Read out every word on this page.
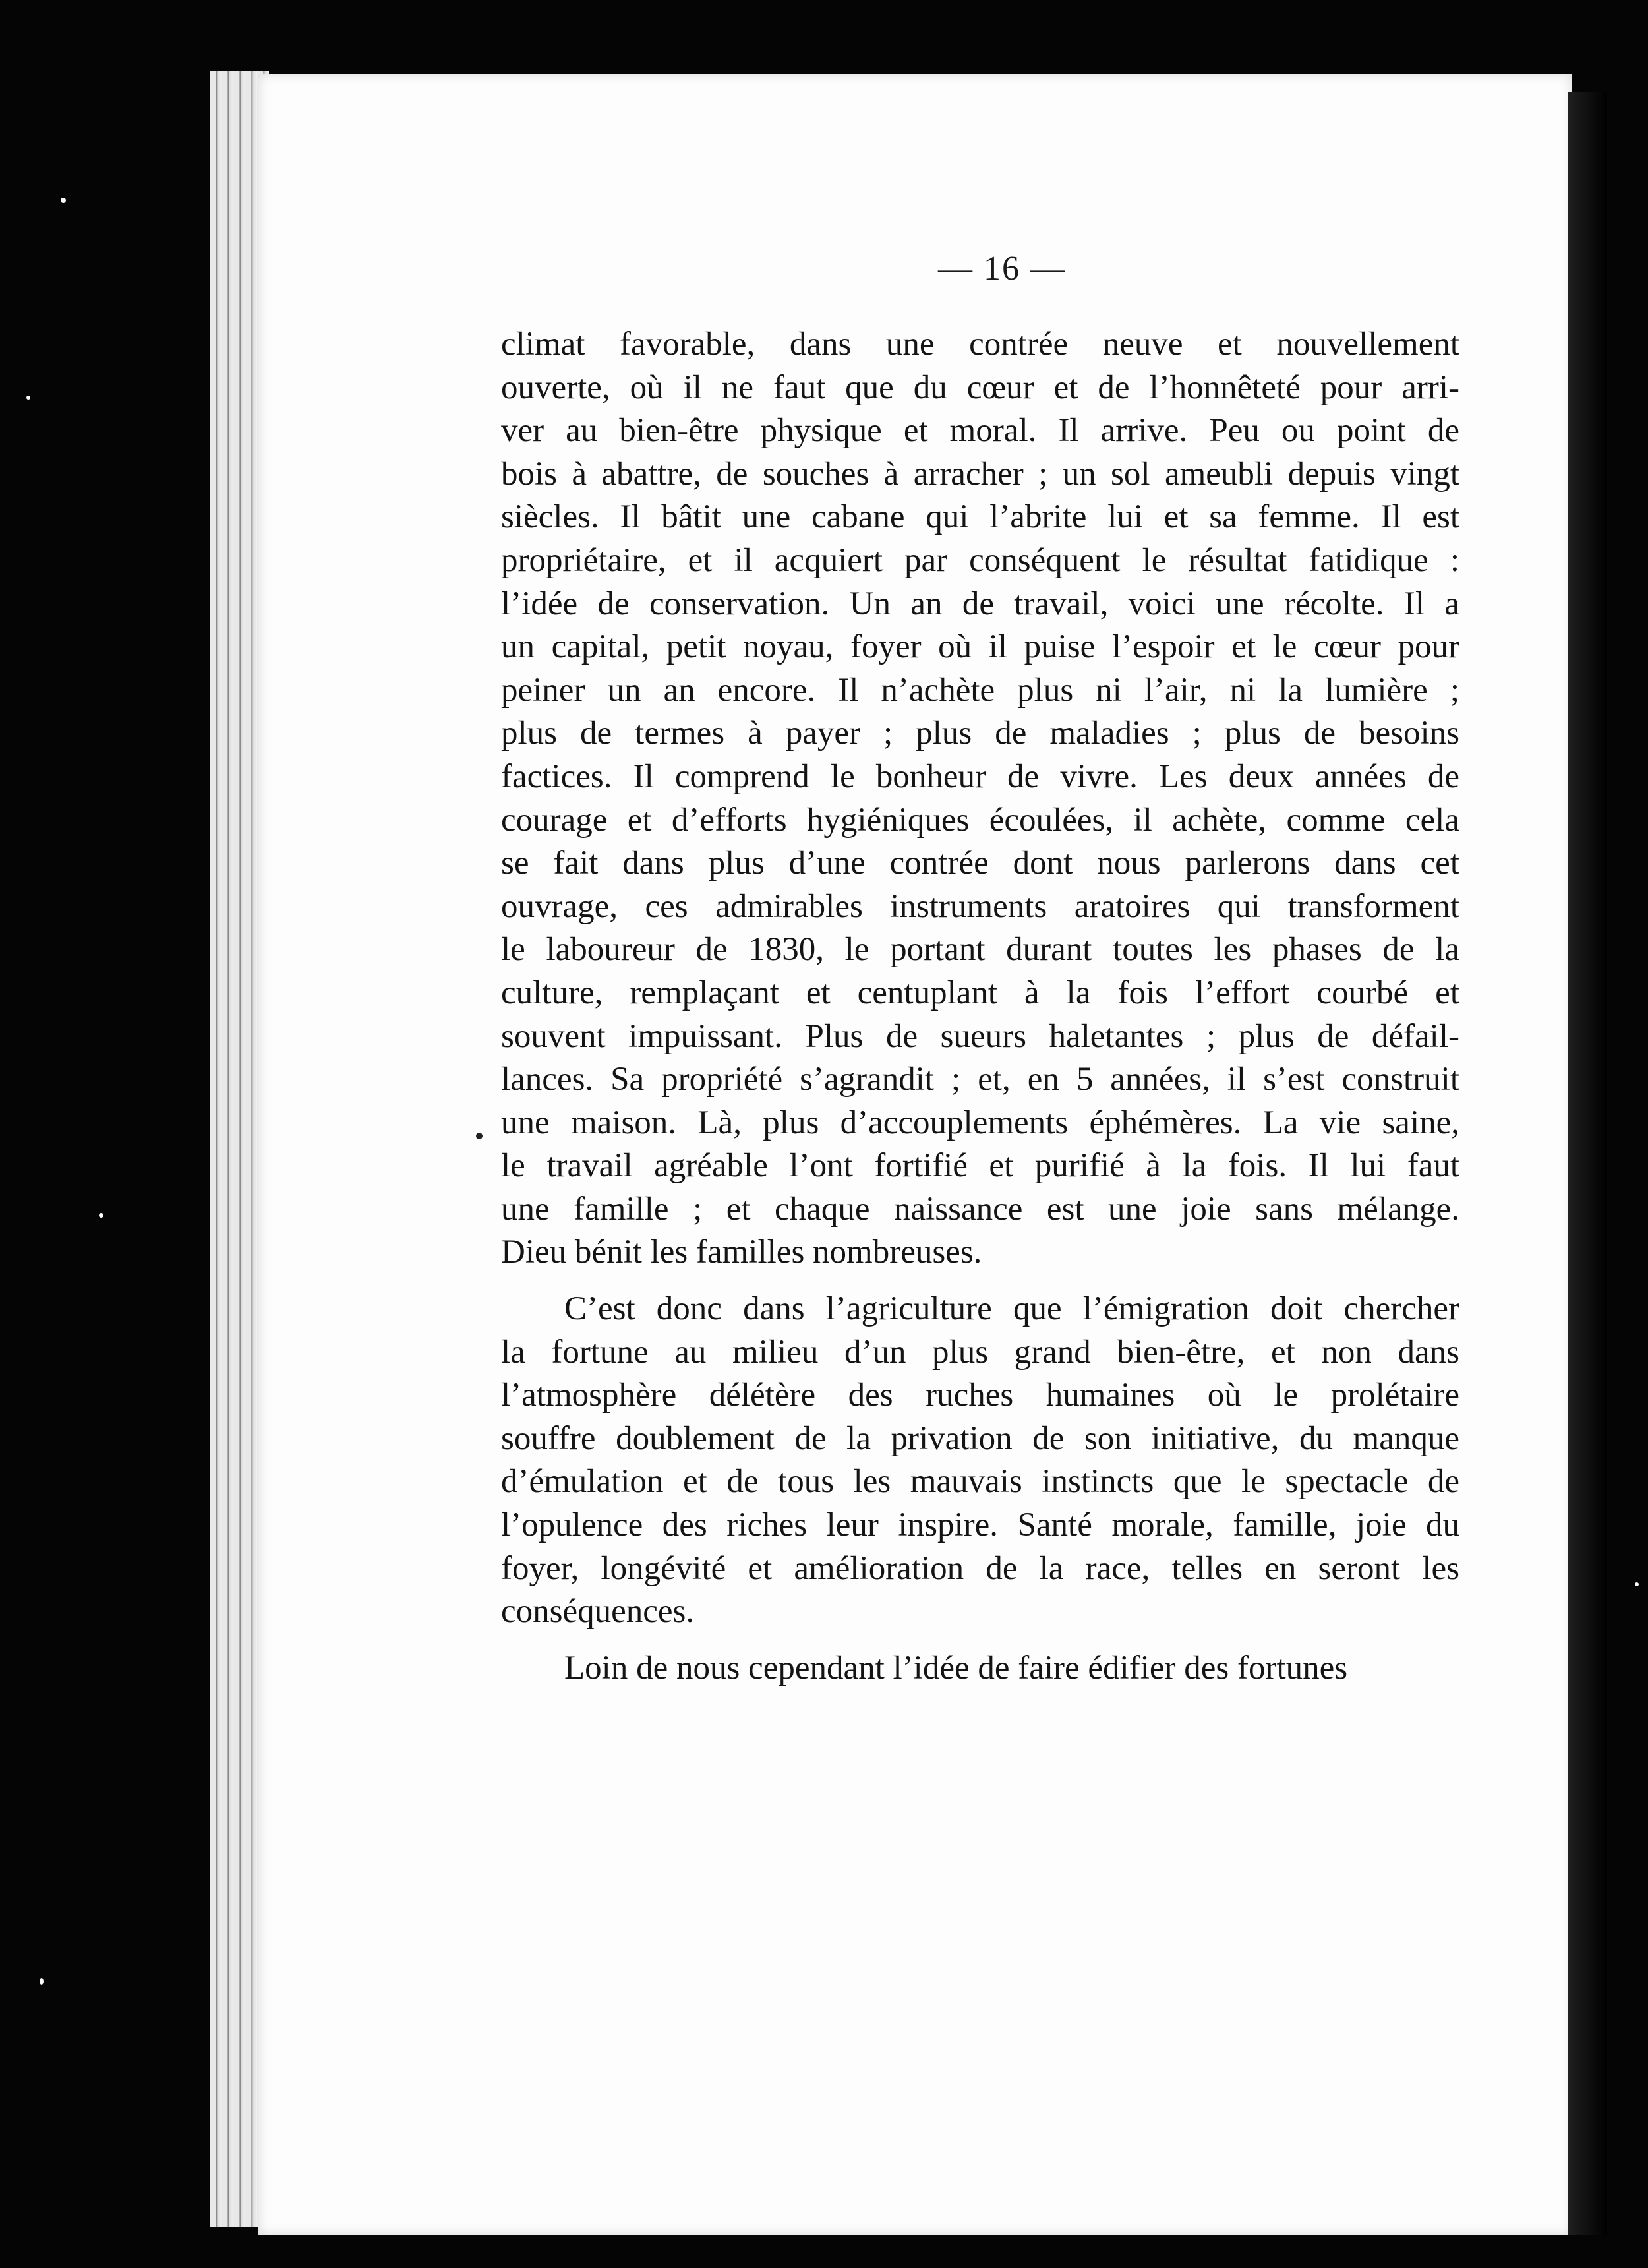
— 16 —
climat favorable, dans une contrée neuve et nouvellement
ouverte, où il ne faut que du cœur et de l’honnêteté pour arri-
ver au bien-être physique et moral. Il arrive. Peu ou point de
bois à abattre, de souches à arracher ; un sol ameubli depuis vingt
siècles. Il bâtit une cabane qui l’abrite lui et sa femme. Il est
propriétaire, et il acquiert par conséquent le résultat fatidique :
l’idée de conservation. Un an de travail, voici une récolte. Il a
un capital, petit noyau, foyer où il puise l’espoir et le cœur pour
peiner un an encore. Il n’achète plus ni l’air, ni la lumière ;
plus de termes à payer ; plus de maladies ; plus de besoins
factices. Il comprend le bonheur de vivre. Les deux années de
courage et d’efforts hygiéniques écoulées, il achète, comme cela
se fait dans plus d’une contrée dont nous parlerons dans cet
ouvrage, ces admirables instruments aratoires qui transforment
le laboureur de 1830, le portant durant toutes les phases de la
culture, remplaçant et centuplant à la fois l’effort courbé et
souvent impuissant. Plus de sueurs haletantes ; plus de défail-
lances. Sa propriété s’agrandit ; et, en 5 années, il s’est construit
une maison. Là, plus d’accouplements éphémères. La vie saine,
le travail agréable l’ont fortifié et purifié à la fois. Il lui faut
une famille ; et chaque naissance est une joie sans mélange.
Dieu bénit les familles nombreuses.
C’est donc dans l’agriculture que l’émigration doit chercher
la fortune au milieu d’un plus grand bien-être, et non dans
l’atmosphère délétère des ruches humaines où le prolétaire
souffre doublement de la privation de son initiative, du manque
d’émulation et de tous les mauvais instincts que le spectacle de
l’opulence des riches leur inspire. Santé morale, famille, joie du
foyer, longévité et amélioration de la race, telles en seront les
conséquences.
Loin de nous cependant l’idée de faire édifier des fortunes
